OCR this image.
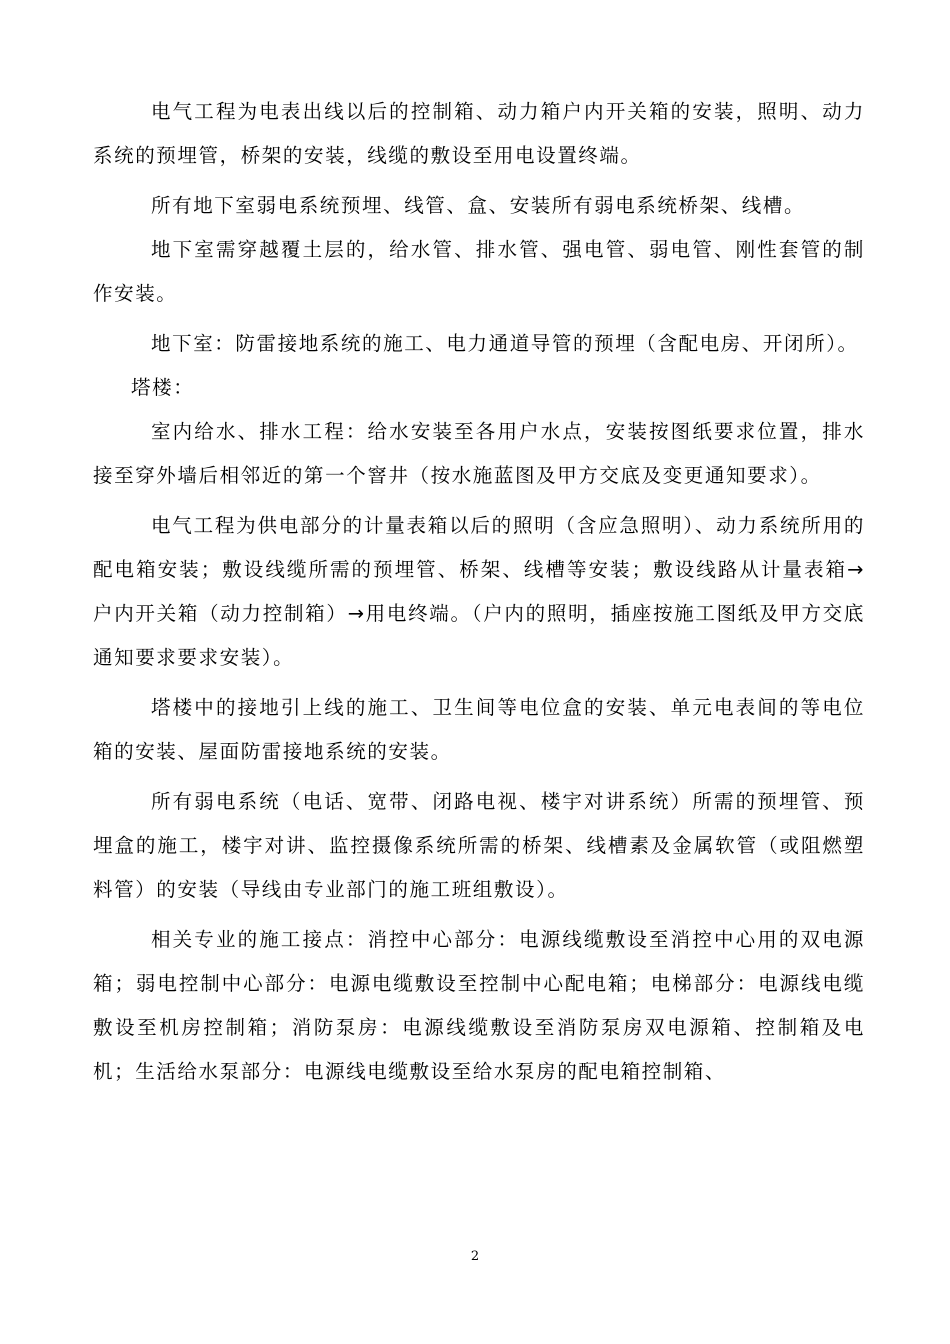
电气工程为电表出线以后的控制箱、动力箱户内开关箱的安装，照明、动力系统的预埋管，桥架的安装，线缆的敷设至用电设置终端。

所有地下室弱电系统预埋、线管、盒、安装所有弱电系统桥架、线槽。

地下室需穿越覆土层的，给水管、排水管、强电管、弱电管、刚性套管的制作安装。

地下室：防雷接地系统的施工、电力通道导管的预埋（含配电房、开闭所）。

塔楼：

室内给水、排水工程：给水安装至各用户水点，安装按图纸要求位置，排水接至穿外墙后相邻近的第一个窨井（按水施蓝图及甲方交底及变更通知要求）。

电气工程为供电部分的计量表箱以后的照明（含应急照明）、动力系统所用的配电箱安装；敷设线缆所需的预埋管、桥架、线槽等安装；敷设线路从计量表箱→户内开关箱（动力控制箱）→用电终端。（户内的照明，插座按施工图纸及甲方交底通知要求要求安装）。

塔楼中的接地引上线的施工、卫生间等电位盒的安装、单元电表间的等电位箱的安装、屋面防雷接地系统的安装。

所有弱电系统（电话、宽带、闭路电视、楼宇对讲系统）所需的预埋管、预埋盒的施工，楼宇对讲、监控摄像系统所需的桥架、线槽素及金属软管（或阻燃塑料管）的安装（导线由专业部门的施工班组敷设）。

相关专业的施工接点：消控中心部分：电源线缆敷设至消控中心用的双电源箱；弱电控制中心部分：电源电缆敷设至控制中心配电箱；电梯部分：电源线电缆敷设至机房控制箱；消防泵房：电源线缆敷设至消防泵房双电源箱、控制箱及电机；生活给水泵部分：电源线电缆敷设至给水泵房的配电箱控制箱、

2
